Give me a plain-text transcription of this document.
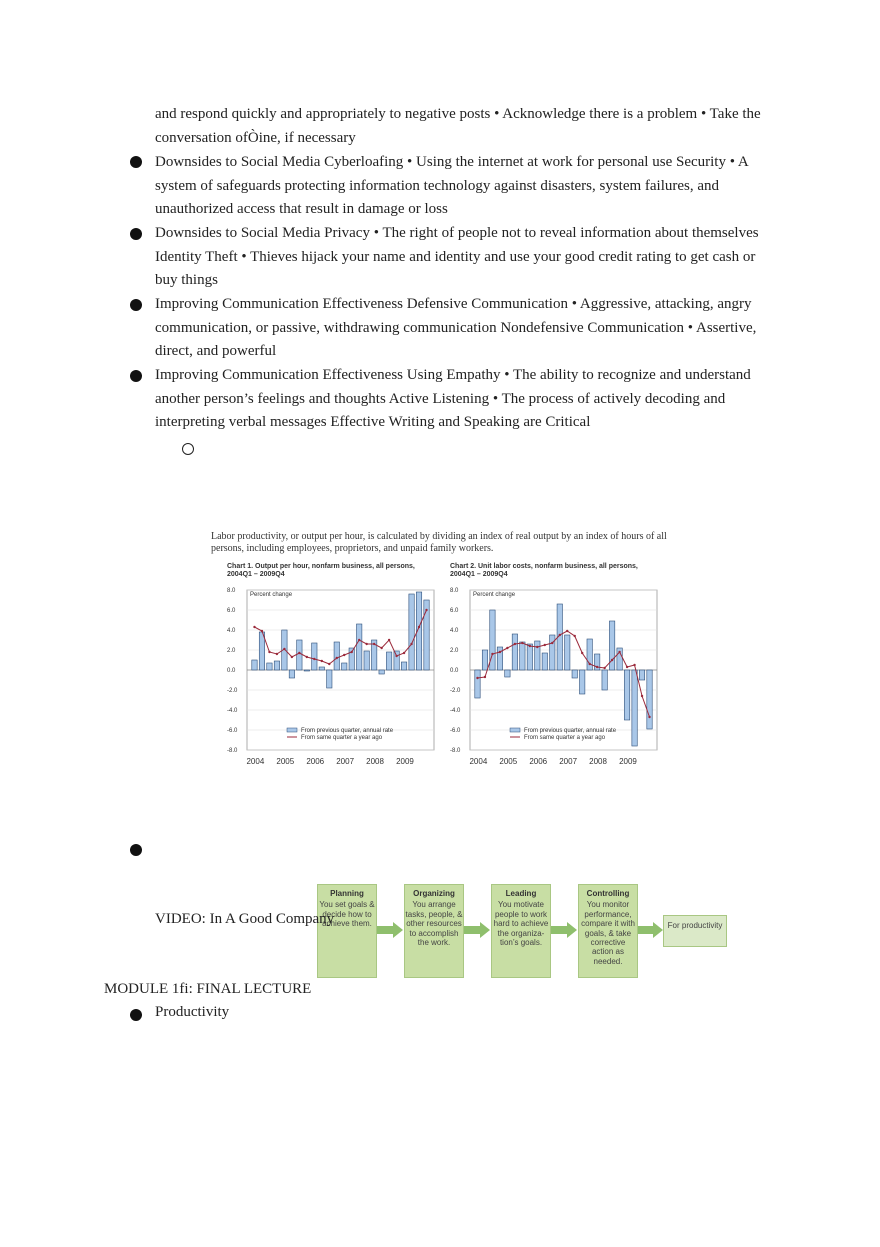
and respond quickly and appropriately to negative posts • Acknowledge there is a problem • Take the conversation ofÒine, if necessary
Downsides to Social Media Cyberloafing • Using the internet at work for personal use Security • A system of safeguards protecting information technology against disasters, system failures, and unauthorized access that result in damage or loss
Downsides to Social Media Privacy • The right of people not to reveal information about themselves Identity Theft • Thieves hijack your name and identity and use your good credit rating to get cash or buy things
Improving Communication Effectiveness Defensive Communication • Aggressive, attacking, angry communication, or passive, withdrawing communication Nondefensive Communication • Assertive, direct, and powerful
Improving Communication Effectiveness Using Empathy • The ability to recognize and understand another person’s feelings and thoughts Active Listening • The process of actively decoding and interpreting verbal messages Effective Writing and Speaking are Critical
Labor productivity, or output per hour, is calculated by dividing an index of real output by an index of hours of all persons, including employees, proprietors, and unpaid family workers.
Chart 1. Output per hour, nonfarm business, all persons,
2004Q1 – 2009Q4
8.0
6.0
4.0
2.0
0.0
-2.0
-4.0
-6.0
-8.0
Percent change
From previous quarter, annual rate
From same quarter a year ago
2004 2005 2006 2007 2008 2009
Chart 2. Unit labor costs, nonfarm business, all persons,
2004Q1 – 2009Q4
8.0
6.0
4.0
2.0
0.0
-2.0
-4.0
-6.0
-8.0
Percent change
From previous quarter, annual rate
From same quarter a year ago
2004 2005 2006 2007 2008 2009
Planning
You set goals & decide how to achieve them.
Organizing
You arrange tasks, people, & other resources to accomplish the work.
Leading
You motivate people to work hard to achieve the organiza- tion’s goals.
Controlling
You monitor performance, compare it with goals, & take corrective action as needed.
For productivity
VIDEO: In A Good Company
MODULE 1fi: FINAL LECTURE
Productivity
